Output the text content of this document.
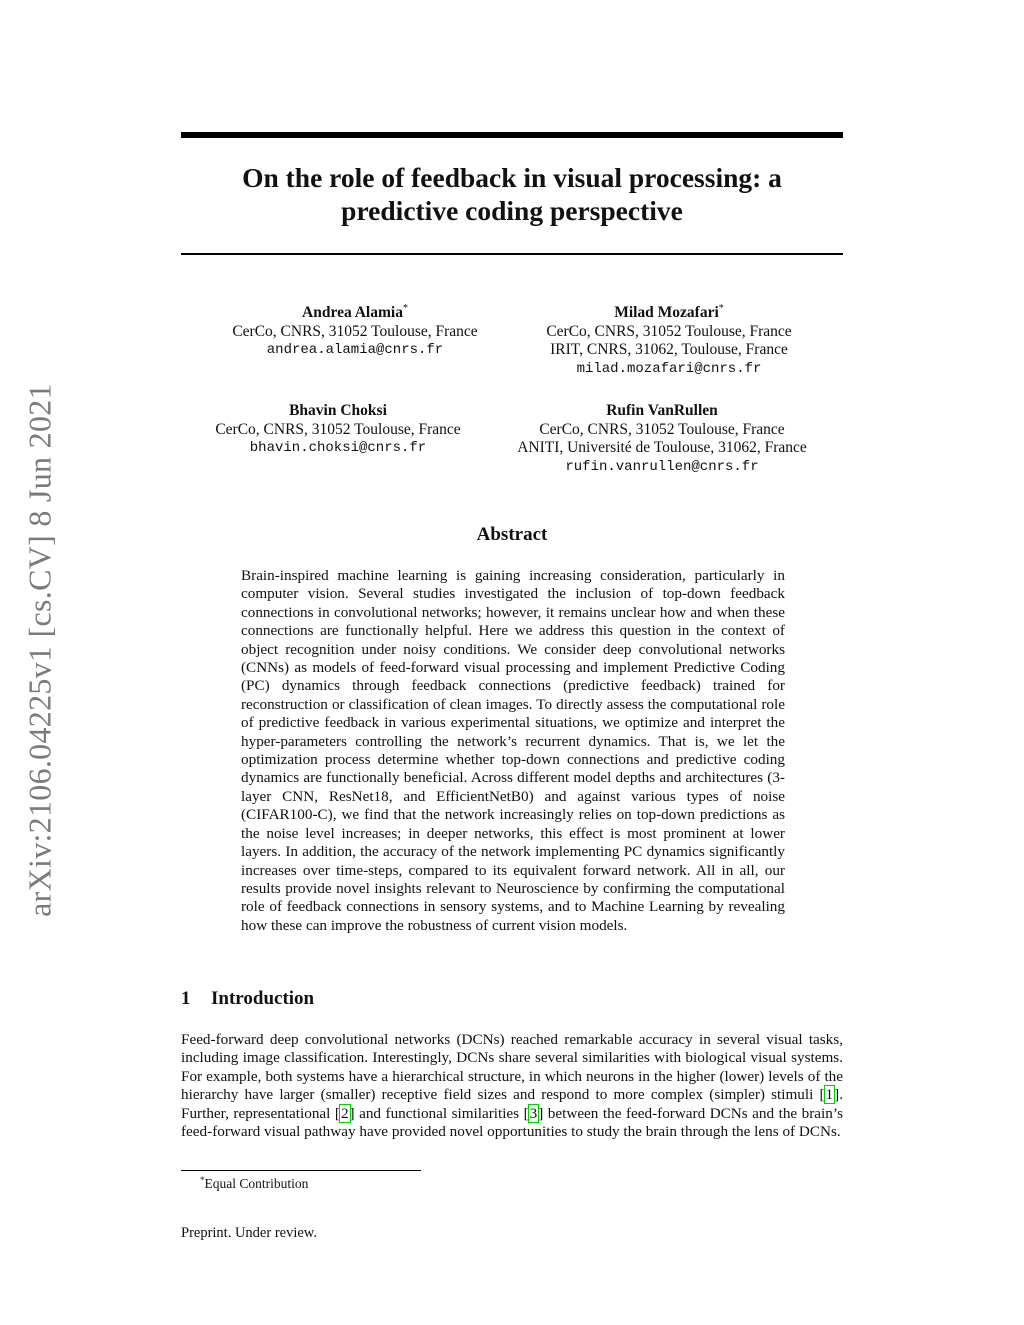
arXiv:2106.04225v1 [cs.CV] 8 Jun 2021
On the role of feedback in visual processing: a
predictive coding perspective
Andrea Alamia*
CerCo, CNRS, 31052 Toulouse, France
andrea.alamia@cnrs.fr
Milad Mozafari*
CerCo, CNRS, 31052 Toulouse, France
IRIT, CNRS, 31062, Toulouse, France
milad.mozafari@cnrs.fr
Bhavin Choksi
CerCo, CNRS, 31052 Toulouse, France
bhavin.choksi@cnrs.fr
Rufin VanRullen
CerCo, CNRS, 31052 Toulouse, France
ANITI, Université de Toulouse, 31062, France
rufin.vanrullen@cnrs.fr
Abstract

Brain-inspired machine learning is gaining increasing consideration, particularly in computer vision. Several studies investigated the inclusion of top-down feedback connections in convolutional networks; however, it remains unclear how and when these connections are functionally helpful. Here we address this question in the context of object recognition under noisy conditions. We consider deep convolutional networks (CNNs) as models of feed-forward visual processing and implement Predictive Coding (PC) dynamics through feedback connections (predictive feedback) trained for reconstruction or classification of clean images. To directly assess the computational role of predictive feedback in various experimental situations, we optimize and interpret the hyper-parameters controlling the network’s recurrent dynamics. That is, we let the optimization process determine whether top-down connections and predictive coding dynamics are functionally beneficial. Across different model depths and architectures (3-layer CNN, ResNet18, and EfficientNetB0) and against various types of noise (CIFAR100-C), we find that the network increasingly relies on top-down predictions as the noise level increases; in deeper networks, this effect is most prominent at lower layers. In addition, the accuracy of the network implementing PC dynamics significantly increases over time-steps, compared to its equivalent forward network. All in all, our results provide novel insights relevant to Neuroscience by confirming the computational role of feedback connections in sensory systems, and to Machine Learning by revealing how these can improve the robustness of current vision models.

1 Introduction

Feed-forward deep convolutional networks (DCNs) reached remarkable accuracy in several visual tasks, including image classification. Interestingly, DCNs share several similarities with biological visual systems. For example, both systems have a hierarchical structure, in which neurons in the higher (lower) levels of the hierarchy have larger (smaller) receptive field sizes and respond to more complex (simpler) stimuli [1]. Further, representational [2] and functional similarities [3] between the feed-forward DCNs and the brain’s feed-forward visual pathway have provided novel opportunities to study the brain through the lens of DCNs.

*Equal Contribution
Preprint. Under review.
